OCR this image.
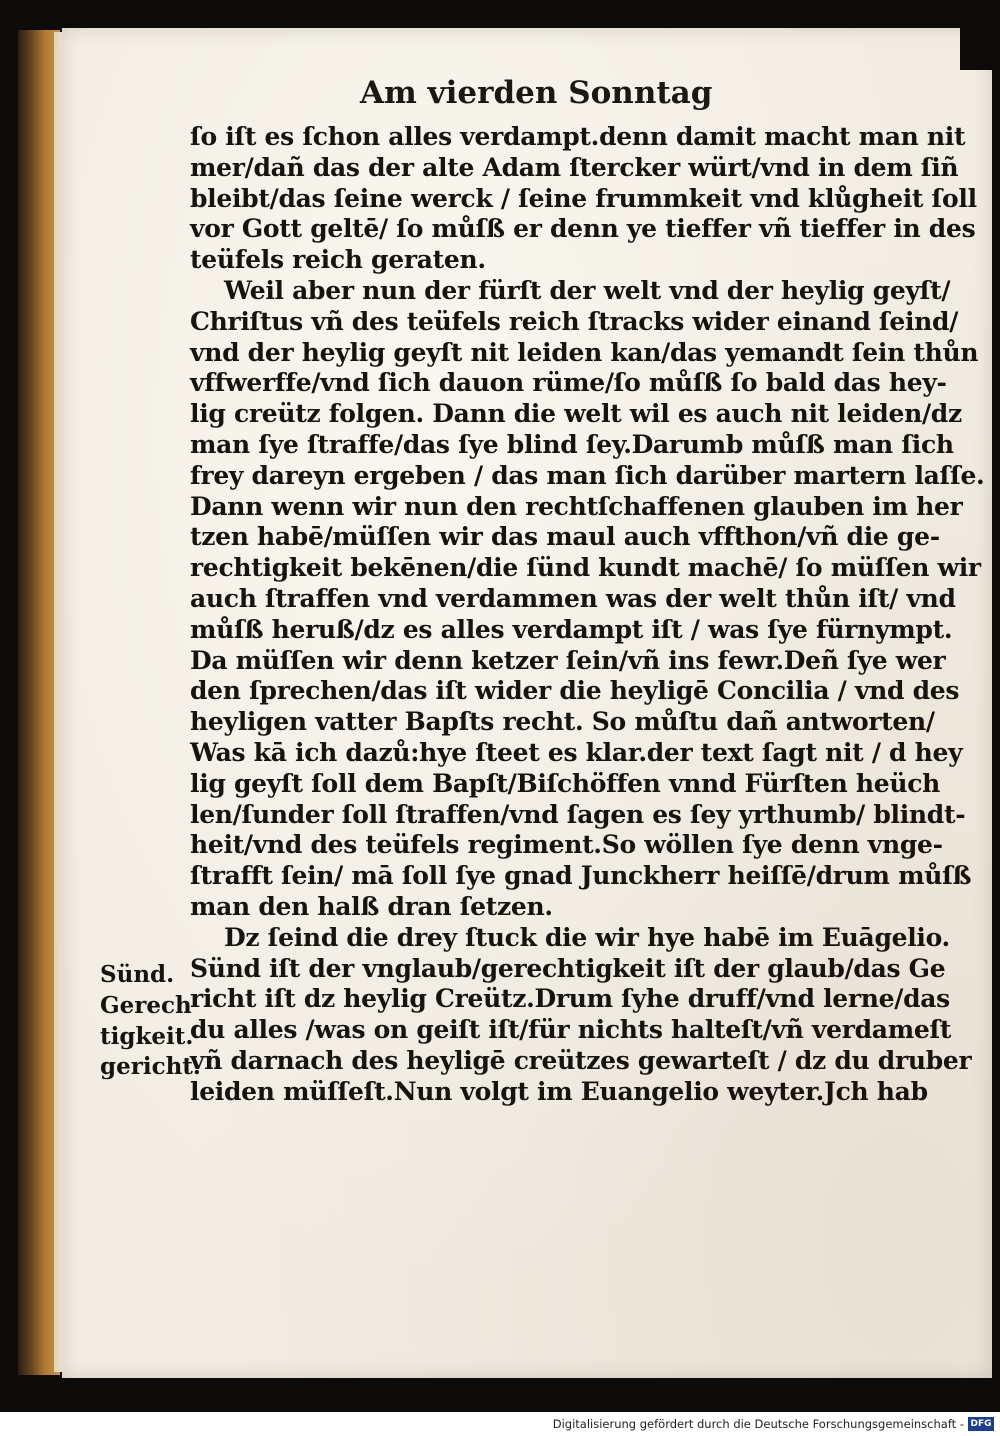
Am vierden Sonntag
ſo iſt es ſchon alles verdampt.denn damit macht man nit
mer/dañ das der alte Adam ſtercker würt/vnd in dem ſiñ
bleibt/das ſeine werck / ſeine frummkeit vnd klůgheit ſoll
vor Gott geltē/ ſo můſß er denn ye tieffer vñ tieffer in des
teüfels reich geraten.
Weil aber nun der fürſt der welt vnd der heylig geyſt/
Chriſtus vñ des teüfels reich ſtracks wider einand ſeind/
vnd der heylig geyſt nit leiden kan/das yemandt ſein thůn
vffwerffe/vnd ſich dauon rüme/ſo můſß ſo bald das hey-
lig creütz folgen. Dann die welt wil es auch nit leiden/dz
man ſye ſtraffe/das ſye blind ſey.Darumb můſß man ſich
frey dareyn ergeben / das man ſich darüber martern laſſe.
Dann wenn wir nun den rechtſchaffenen glauben im her
tzen habē/müſſen wir das maul auch vffthon/vñ die ge-
rechtigkeit bekēnen/die ſünd kundt machē/ ſo müſſen wir
auch ſtraffen vnd verdammen was der welt thůn iſt/ vnd
můſß heruß/dz es alles verdampt iſt / was ſye fürnympt.
Da müſſen wir denn ketzer ſein/vñ ins fewr.Deñ ſye wer
den ſprechen/das iſt wider die heyligē Concilia / vnd des
heyligen vatter Bapſts recht. So můſtu dañ antworten/
Was kā ich dazů:hye ſteet es klar.der text ſagt nit / d hey
lig geyſt ſoll dem Bapſt/Biſchöffen vnnd Fürſten heüch
len/ſunder ſoll ſtraffen/vnd ſagen es ſey yrthumb/ blindt-
heit/vnd des teüfels regiment.So wöllen ſye denn vnge-
ſtrafft ſein/ mā ſoll ſye gnad Junckherr heiſſē/drum můſß
man den halß dran ſetzen.
Dz ſeind die drey ſtuck die wir hye habē im Euāgelio.
Sünd iſt der vnglaub/gerechtigkeit iſt der glaub/das Ge
richt iſt dz heylig Creütz.Drum ſyhe druff/vnd lerne/das
du alles /was on geiſt iſt/für nichts halteſt/vñ verdameſt
vñ darnach des heyligē creützes gewarteſt / dz du druber
leiden müſſeſt.Nun volgt im Euangelio weyter.Jch hab
Sünd.
Gerech
tigkeit.
gericht.
Digitalisierung gefördert durch die Deutsche Forschungsgemeinschaft - DFG
